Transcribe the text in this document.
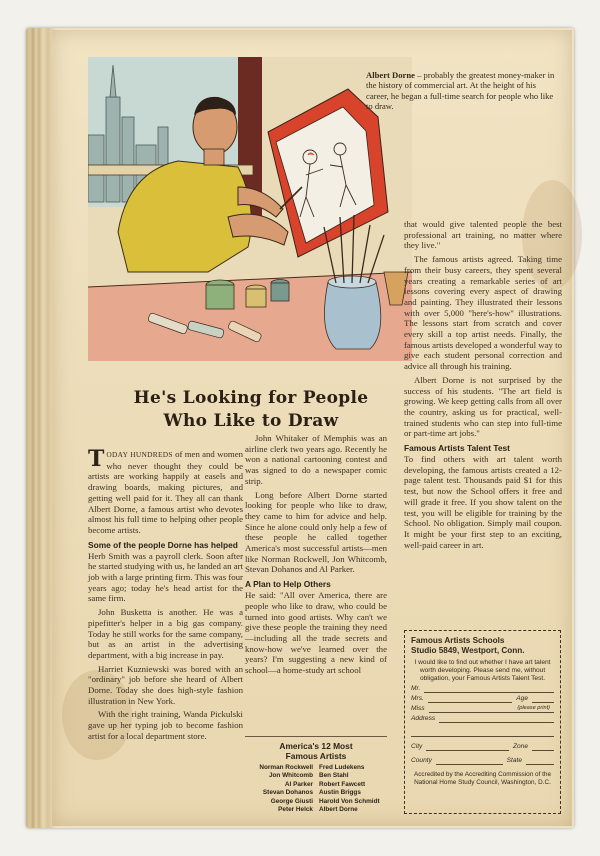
Albert Dorne – probably the greatest money-maker in the history of commercial art. At the height of his career, he began a full-time search for people who like to draw.
He's Looking for People
Who Like to Draw

TODAY HUNDREDS of men and women who never thought they could be artists are working happily at easels and drawing boards, making pictures, and getting well paid for it. They all can thank Albert Dorne, a famous artist who devotes almost his full time to helping other people become artists.

Some of the people Dorne has helped

Herb Smith was a payroll clerk. Soon after he started studying with us, he landed an art job with a large printing firm. This was four years ago; today he's head artist for the same firm.

John Busketta is another. He was a pipefitter's helper in a big gas company. Today he still works for the same company, but as an artist in the advertising department, with a big increase in pay.

Harriet Kuzniewski was bored with an "ordinary" job before she heard of Albert Dorne. Today she does high-style fashion illustration in New York.

With the right training, Wanda Pickulski gave up her typing job to become fashion artist for a local department store.

John Whitaker of Memphis was an airline clerk two years ago. Recently he won a national cartooning contest and was signed to do a newspaper comic strip.

Long before Albert Dorne started looking for people who like to draw, they came to him for advice and help. Since he alone could only help a few of these people he called together America's most successful artists—men like Norman Rockwell, Jon Whitcomb, Stevan Dohanos and Al Parker.

A Plan to Help Others

He said: "All over America, there are people who like to draw, who could be turned into good artists. Why can't we give these people the training they need—including all the trade secrets and know-how we've learned over the years? I'm suggesting a new kind of school—a home-study art school

America's 12 Most
Famous Artists
Norman Rockwell Fred Ludekens
Jon Whitcomb Ben Stahl
Al Parker Robert Fawcett
Stevan Dohanos Austin Briggs
George Giusti Harold Von Schmidt
Peter Helck Albert Dorne

that would give talented people the best professional art training, no matter where they live."

The famous artists agreed. Taking time from their busy careers, they spent several years creating a remarkable series of art lessons covering every aspect of drawing and painting. They illustrated their lessons with over 5,000 "here's-how" illustrations. The lessons start from scratch and cover every skill a top artist needs. Finally, the famous artists developed a wonderful way to give each student personal correction and advice all through his training.

Albert Dorne is not surprised by the success of his students. "The art field is growing. We keep getting calls from all over the country, asking us for practical, well-trained students who can step into full-time or part-time art jobs."

Famous Artists Talent Test

To find others with art talent worth developing, the famous artists created a 12-page talent test. Thousands paid $1 for this test, but now the School offers it free and will grade it free. If you show talent on the test, you will be eligible for training by the School. No obligation. Simply mail coupon. It might be your first step to an exciting, well-paid career in art.

Famous Artists Schools
Studio 5849, Westport, Conn.
I would like to find out whether I have art talent worth developing. Please send me, without obligation, your Famous Artists Talent Test.
Mr.
Mrs.	Age
Miss	(please print)
Address
City	Zone
County	State
Accredited by the Accrediting Commission of the National Home Study Council, Washington, D.C.
